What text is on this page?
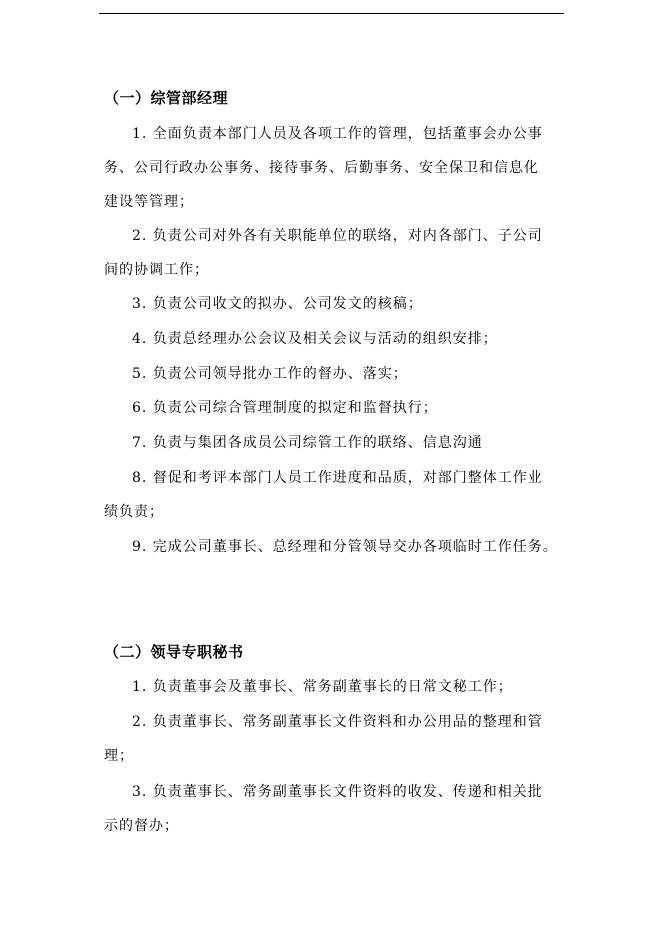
（一）综管部经理
1. 全面负责本部门人员及各项工作的管理，包括董事会办公事
务、公司行政办公事务、接待事务、后勤事务、安全保卫和信息化
建设等管理；
2. 负责公司对外各有关职能单位的联络，对内各部门、子公司
间的协调工作；
3. 负责公司收文的拟办、公司发文的核稿；
4. 负责总经理办公会议及相关会议与活动的组织安排；
5. 负责公司领导批办工作的督办、落实；
6. 负责公司综合管理制度的拟定和监督执行；
7. 负责与集团各成员公司综管工作的联络、信息沟通
8. 督促和考评本部门人员工作进度和品质，对部门整体工作业
绩负责；
9. 完成公司董事长、总经理和分管领导交办各项临时工作任务。
（二）领导专职秘书
1. 负责董事会及董事长、常务副董事长的日常文秘工作；
2. 负责董事长、常务副董事长文件资料和办公用品的整理和管
理；
3. 负责董事长、常务副董事长文件资料的收发、传递和相关批
示的督办；
